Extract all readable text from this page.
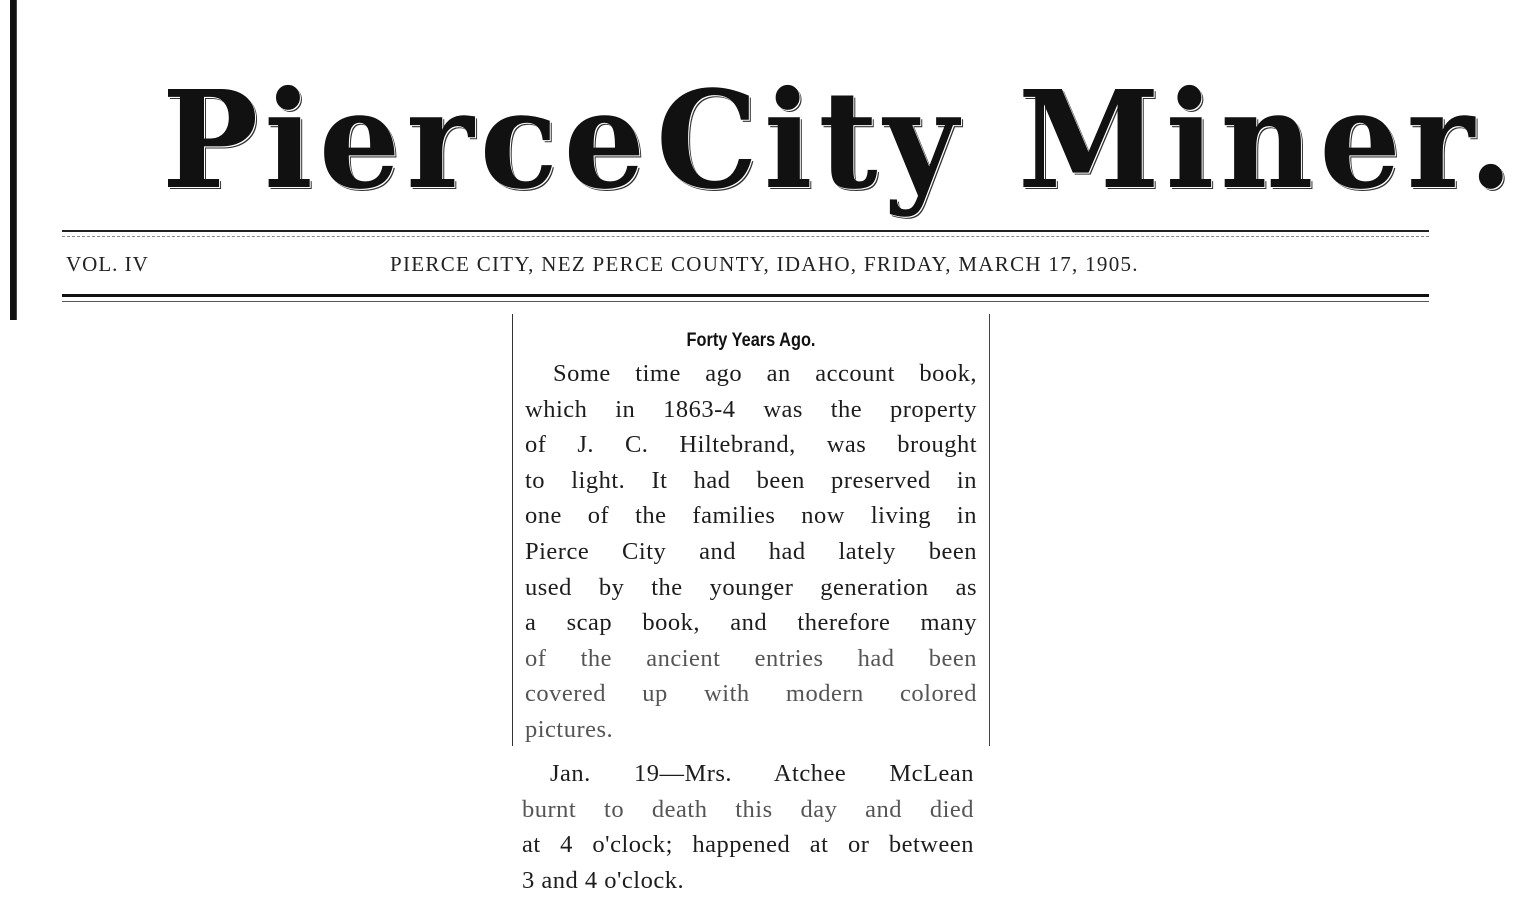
Pierce City Miner.
VOL. IV	PIERCE CITY, NEZ PERCE COUNTY, IDAHO, FRIDAY, MARCH 17, 1905.
Forty Years Ago.
Some time ago an account book,
which in 1863-4 was the property
of J. C. Hiltebrand, was brought
to light. It had been preserved in
one of the families now living in
Pierce City and had lately been
used by the younger generation as
a scap book, and therefore many
of the ancient entries had been
covered up with modern colored
pictures.
Jan. 19—Mrs. Atchee McLean
burnt to death this day and died
at 4 o'clock; happened at or between
3 and 4 o'clock.
